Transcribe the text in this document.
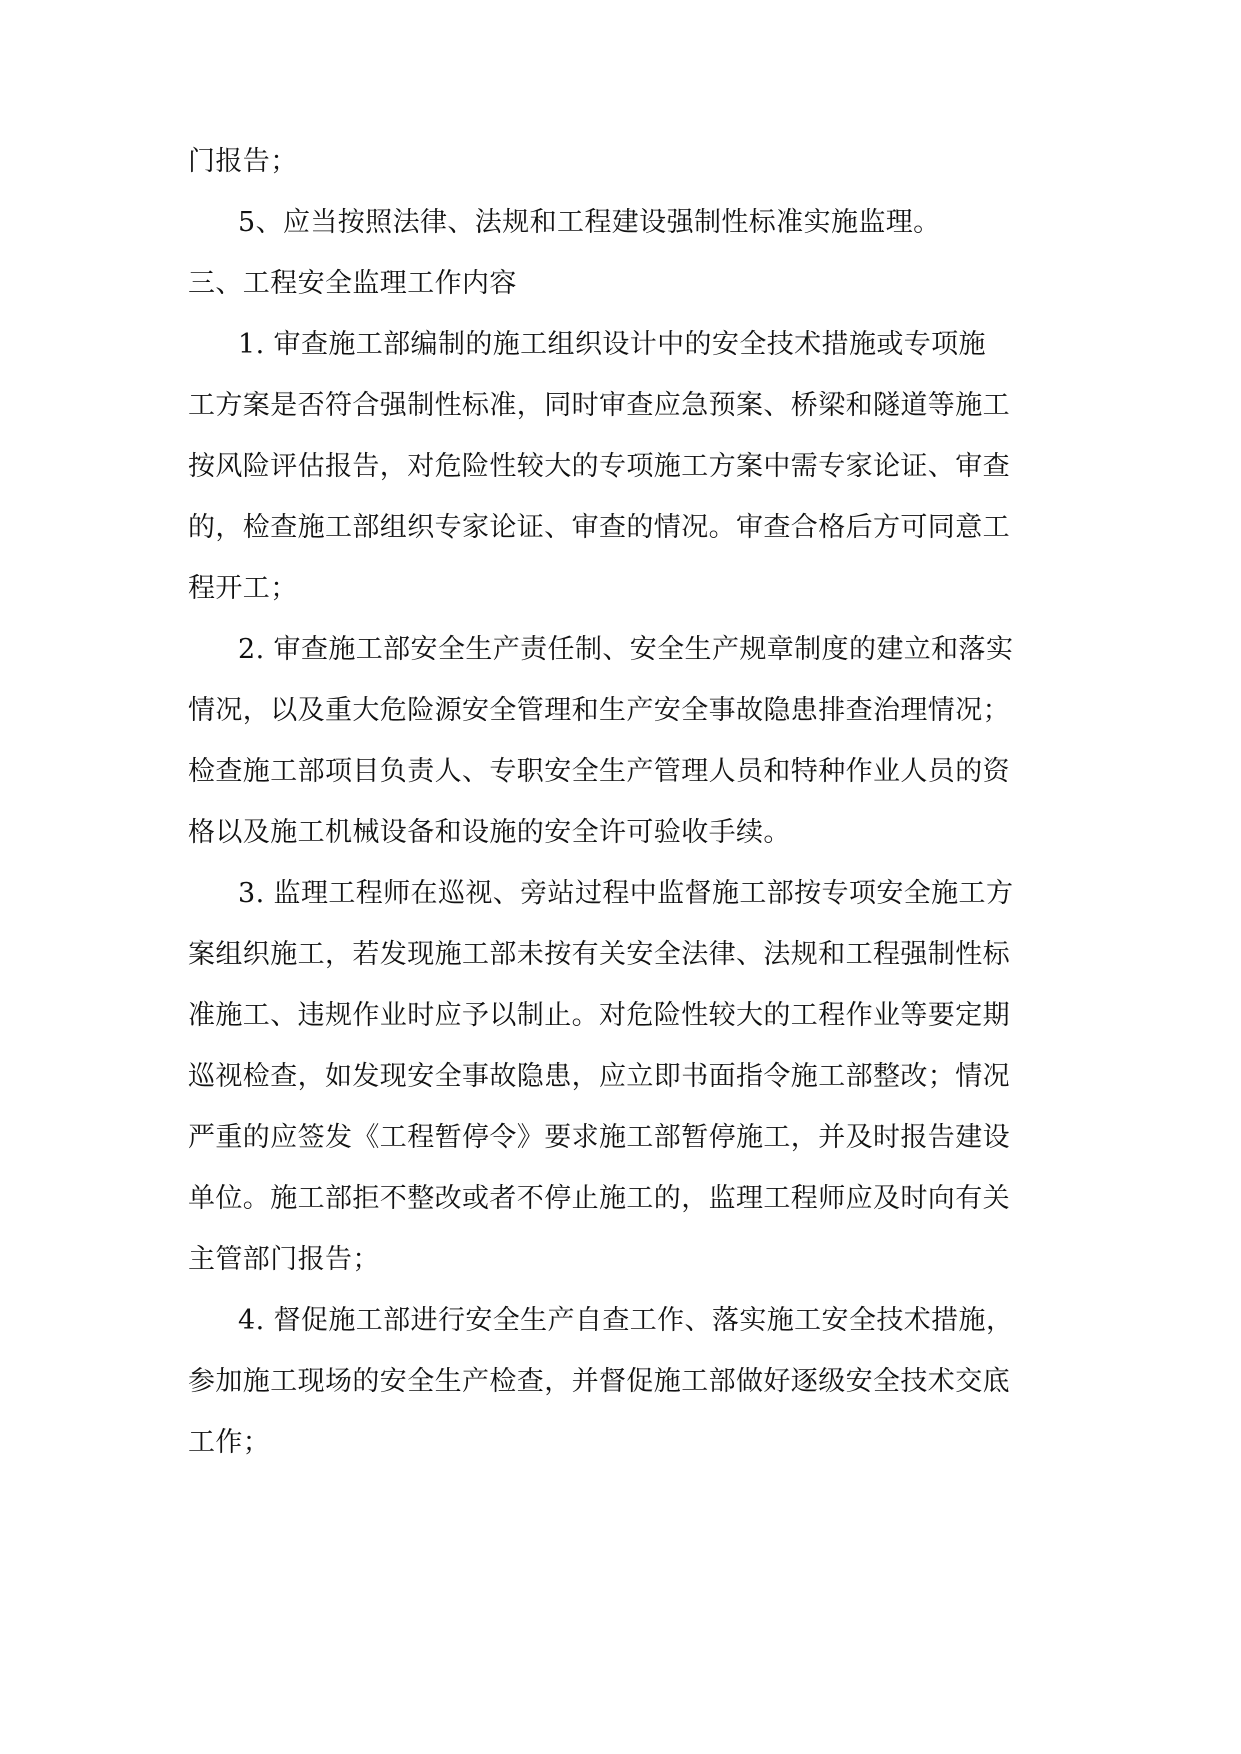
门报告；

5、应当按照法律、法规和工程建设强制性标准实施监理。

三、工程安全监理工作内容

1. 审查施工部编制的施工组织设计中的安全技术措施或专项施

工方案是否符合强制性标准，同时审查应急预案、桥梁和隧道等施工

按风险评估报告，对危险性较大的专项施工方案中需专家论证、审查

的，检查施工部组织专家论证、审查的情况。审查合格后方可同意工

程开工；

2. 审查施工部安全生产责任制、安全生产规章制度的建立和落实

情况，以及重大危险源安全管理和生产安全事故隐患排查治理情况；

检查施工部项目负责人、专职安全生产管理人员和特种作业人员的资

格以及施工机械设备和设施的安全许可验收手续。

3. 监理工程师在巡视、旁站过程中监督施工部按专项安全施工方

案组织施工，若发现施工部未按有关安全法律、法规和工程强制性标

准施工、违规作业时应予以制止。对危险性较大的工程作业等要定期

巡视检查，如发现安全事故隐患，应立即书面指令施工部整改；情况

严重的应签发《工程暂停令》要求施工部暂停施工，并及时报告建设

单位。施工部拒不整改或者不停止施工的，监理工程师应及时向有关

主管部门报告；

4. 督促施工部进行安全生产自查工作、落实施工安全技术措施，

参加施工现场的安全生产检查，并督促施工部做好逐级安全技术交底

工作；
